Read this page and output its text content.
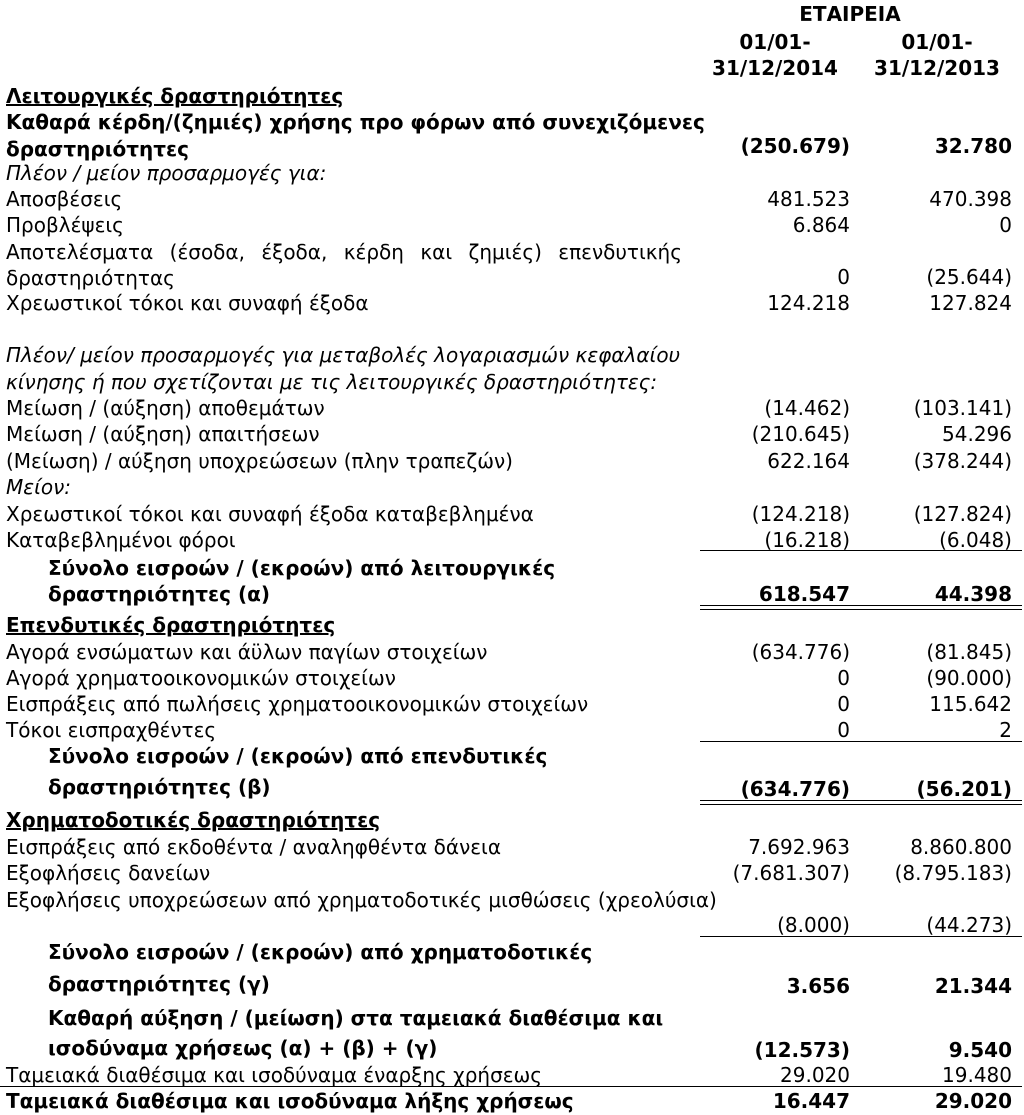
ΕΤΑΙΡΕΙΑ
01/01-
31/12/2014
01/01-
31/12/2013
Λειτουργικές δραστηριότητες
Καθαρά κέρδη/(ζημιές) χρήσης προ φόρων από συνεχιζόμενες
δραστηριότητες	(250.679)	32.780
Πλέον / μείον προσαρμογές για:
Αποσβέσεις	481.523	470.398
Προβλέψεις	6.864	0
Αποτελέσματα (έσοδα, έξοδα, κέρδη και ζημιές) επενδυτικής
δραστηριότητας	0	(25.644)
Χρεωστικοί τόκοι και συναφή έξοδα	124.218	127.824
Πλέον/ μείον προσαρμογές για μεταβολές λογαριασμών κεφαλαίου
κίνησης ή που σχετίζονται με τις λειτουργικές δραστηριότητες:
Μείωση / (αύξηση) αποθεμάτων	(14.462)	(103.141)
Μείωση / (αύξηση) απαιτήσεων	(210.645)	54.296
(Μείωση) / αύξηση υποχρεώσεων (πλην τραπεζών)	622.164	(378.244)
Μείον:
Χρεωστικοί τόκοι και συναφή έξοδα καταβεβλημένα	(124.218)	(127.824)
Καταβεβλημένοι φόροι	(16.218)	(6.048)
Σύνολο εισροών / (εκροών) από λειτουργικές
δραστηριότητες (α)	618.547	44.398
Επενδυτικές δραστηριότητες
Αγορά ενσώματων και άϋλων παγίων στοιχείων	(634.776)	(81.845)
Αγορά χρηματοοικονομικών στοιχείων	0	(90.000)
Εισπράξεις από πωλήσεις χρηματοοικονομικών στοιχείων	0	115.642
Τόκοι εισπραχθέντες	0	2
Σύνολο εισροών / (εκροών) από επενδυτικές
δραστηριότητες (β)	(634.776)	(56.201)
Χρηματοδοτικές δραστηριότητες
Εισπράξεις από εκδοθέντα / αναληφθέντα δάνεια	7.692.963	8.860.800
Εξοφλήσεις δανείων	(7.681.307) (8.795.183)
Εξοφλήσεις υποχρεώσεων από χρηματοδοτικές μισθώσεις (χρεολύσια)
(8.000)	(44.273)
Σύνολο εισροών / (εκροών) από χρηματοδοτικές
δραστηριότητες (γ)	3.656	21.344
Καθαρή αύξηση / (μείωση) στα ταμειακά διαθέσιμα και
ισοδύναμα χρήσεως (α) + (β) + (γ)	(12.573)	9.540
Ταμειακά διαθέσιμα και ισοδύναμα έναρξης χρήσεως	29.020	19.480
Ταμειακά διαθέσιμα και ισοδύναμα λήξης χρήσεως	16.447	29.020
